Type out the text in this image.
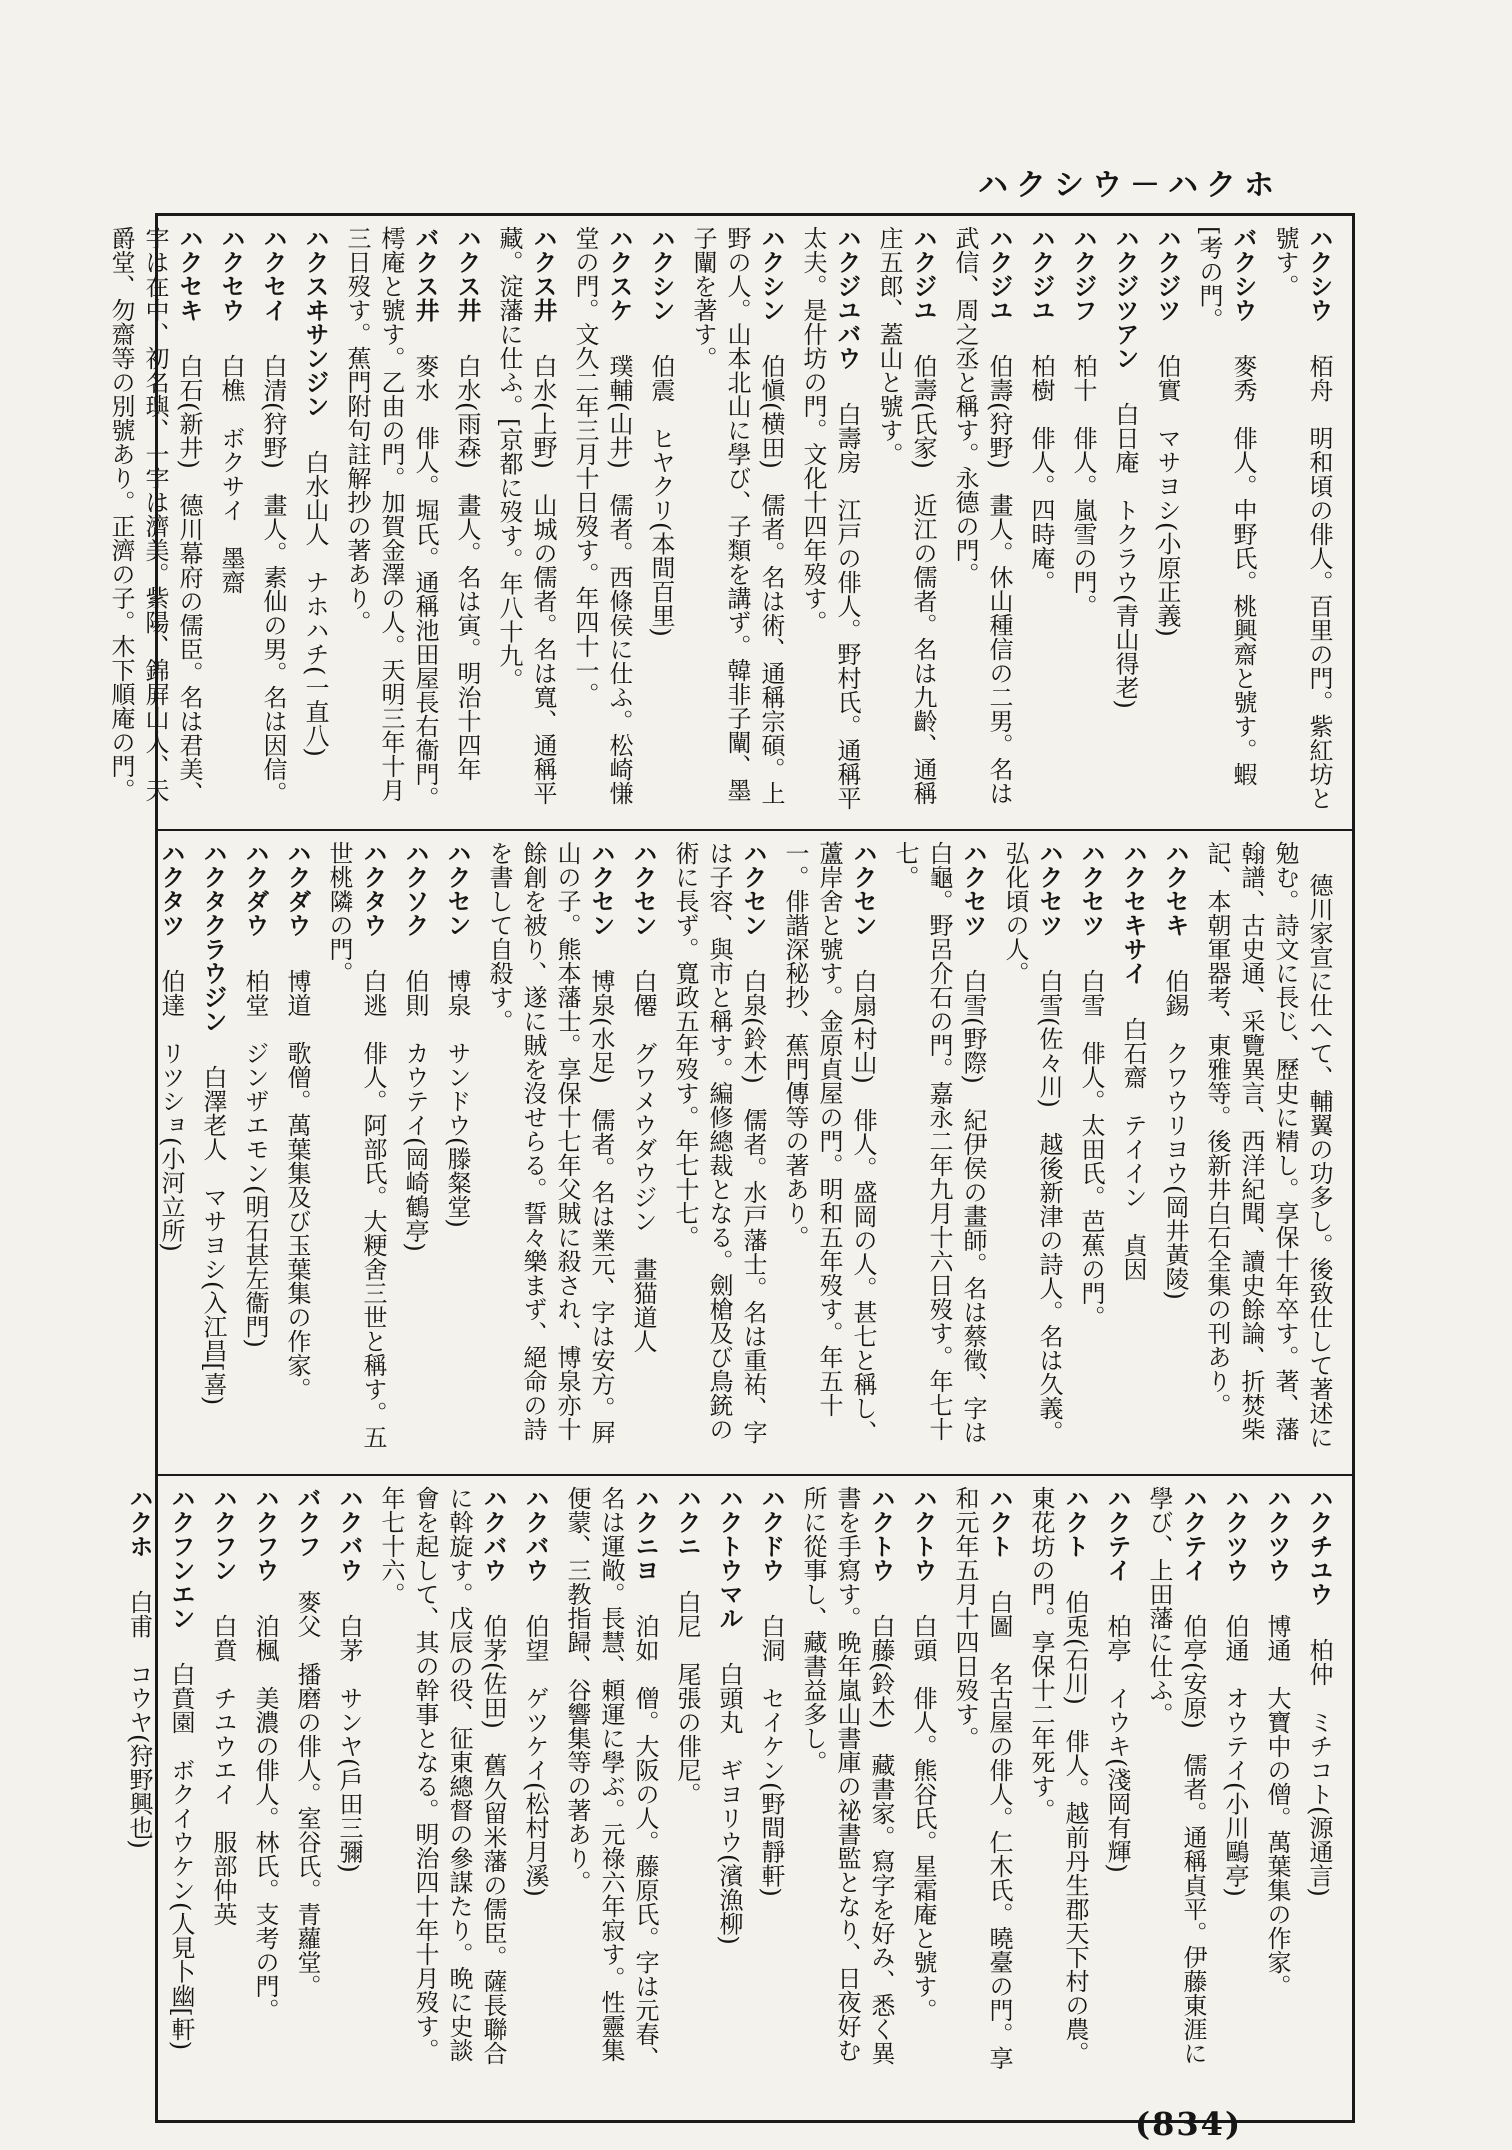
ハクシウ－ハクホ
ハクシウ　栢舟　明和頃の俳人。百里の門。紫紅坊と號す。
バクシウ　麥秀　俳人。中野氏。桃興齋と號す。蝦[考の門。
ハクジツ　伯實　マサヨシ(小原正義)
ハクジツアン　白日庵　トクラウ(青山得老)
ハクジフ　柏十　俳人。嵐雪の門。
ハクジユ　柏樹　俳人。四時庵。
ハクジユ　伯壽(狩野)　畫人。休山種信の二男。名は武信、周之丞と稱す。永德の門。
ハクジユ　伯壽(氏家)　近江の儒者。名は九齡、通稱庄五郎、蓋山と號す。
ハクジユバウ　白壽房　江戸の俳人。野村氏。通稱平太夫。是什坊の門。文化十四年歿す。
ハクシン　伯愼(横田)　儒者。名は術、通稱宗碩。上野の人。山本北山に學び、子類を講ず。韓非子闡、墨子闡を著す。
ハクシン　伯震　ヒヤクリ(本間百里)
ハクスケ　璞輔(山井)　儒者。西條侯に仕ふ。松崎慊堂の門。文久二年三月十日歿す。年四十一。
ハクス井　白水(上野)　山城の儒者。名は寬、通稱平藏。淀藩に仕ふ。[京都に歿す。年八十九。
ハクス井　白水(雨森)　畫人。名は寅。明治十四年
バクス井　麥水　俳人。堀氏。通稱池田屋長右衞門。樗庵と號す。乙由の門。加賀金澤の人。天明三年十月三日歿す。蕉門附句註解抄の著あり。
ハクスヰサンジン　白水山人　ナホハチ(一直八)
ハクセイ　白清(狩野)　畫人。素仙の男。名は因信。
ハクセウ　白樵　ボクサイ　墨齋
ハクセキ　白石(新井)　德川幕府の儒臣。名は君美、字は在中、初名璵、一字は濟美。紫陽、錦屛山人、天爵堂、勿齋等の別號あり。正濟の子。木下順庵の門。
　德川家宣に仕へて、輔翼の功多し。後致仕して著述に勉む。詩文に長じ、歷史に精し。享保十年卒す。著、藩翰譜、古史通、采覽異言、西洋紀聞、讀史餘論、折焚柴記、本朝軍器考、東雅等。後新井白石全集の刊あり。
ハクセキ　伯錫　クワウリヨウ(岡井黃陵)
ハクセキサイ　白石齋　テイイン　貞因
ハクセツ　白雪　俳人。太田氏。芭蕉の門。
ハクセツ　白雪(佐々川)　越後新津の詩人。名は久義。弘化頃の人。
ハクセツ　白雪(野際)　紀伊侯の畫師。名は蔡徵、字は白龜。野呂介石の門。嘉永二年九月十六日歿す。年七十七。
ハクセン　白扇(村山)　俳人。盛岡の人。甚七と稱し、蘆岸舍と號す。金原貞屋の門。明和五年歿す。年五十一。俳諧深秘抄、蕉門傳等の著あり。
ハクセン　白泉(鈴木)　儒者。水戸藩士。名は重祐、字は子容、與市と稱す。編修總裁となる。劍槍及び鳥銃の術に長ず。寬政五年歿す。年七十七。
ハクセン　白僊　グワメウダウジン　畫猫道人
ハクセン　博泉(水足)　儒者。名は業元、字は安方。屛山の子。熊本藩士。享保十七年父賊に殺され、博泉亦十餘創を被り、遂に賊を沒せらる。誓々樂まず、絕命の詩を書して自殺す。
ハクセン　博泉　サンドウ(滕粲堂)
ハクソク　伯則　カウテイ(岡崎鶴亭)
ハクタウ　白逃　俳人。阿部氏。大粳舍三世と稱す。五世桃隣の門。
ハクダウ　博道　歌僧。萬葉集及び玉葉集の作家。
ハクダウ　柏堂　ジンザエモン(明石甚左衞門)
ハクタクラウジン　白澤老人　マサヨシ(入江昌[喜)
ハクタツ　伯達　リツショ(小河立所)
ハクチユウ　柏仲　ミチコト(源通言)
ハクツウ　博通　大寶中の僧。萬葉集の作家。
ハクツウ　伯通　オウテイ(小川鷗亭)
ハクテイ　伯亭(安原)　儒者。通稱貞平。伊藤東涯に學び、上田藩に仕ふ。
ハクテイ　柏亭　イウキ(淺岡有輝)
ハクト　伯兎(石川)　俳人。越前丹生郡天下村の農。東花坊の門。享保十二年死す。
ハクト　白圖　名古屋の俳人。仁木氏。曉臺の門。享和元年五月十四日歿す。
ハクトウ　白頭　俳人。熊谷氏。星霜庵と號す。
ハクトウ　白藤(鈴木)　藏書家。寫字を好み、悉く異書を手寫す。晩年嵐山書庫の祕書監となり、日夜好む所に從事し、藏書益多し。
ハクドウ　白洞　セイケン(野間靜軒)
ハクトウマル　白頭丸　ギヨリウ(濱漁柳)
ハクニ　白尼　尾張の俳尼。
ハクニヨ　泊如　僧。大阪の人。藤原氏。字は元春、名は運敞。長慧、頼運に學ぶ。元祿六年寂す。性靈集便蒙、三教指歸、谷響集等の著あり。
ハクバウ　伯望　ゲツケイ(松村月溪)
ハクバウ　伯茅(佐田)　舊久留米藩の儒臣。薩長聯合に斡旋す。戊辰の役、征東總督の參謀たり。晩に史談會を起して、其の幹事となる。明治四十年十月歿す。年七十六。
ハクバウ　白茅　サンヤ(戶田三彌)
バクフ　麥父　播磨の俳人。室谷氏。青蘿堂。
ハクフウ　泊楓　美濃の俳人。林氏。支考の門。
ハクフン　白賁　チユウエイ　服部仲英
ハクフンエン　白賁園　ボクイウケン(人見卜幽[軒)
ハクホ　白甫　コウヤ(狩野興也)
(834)
